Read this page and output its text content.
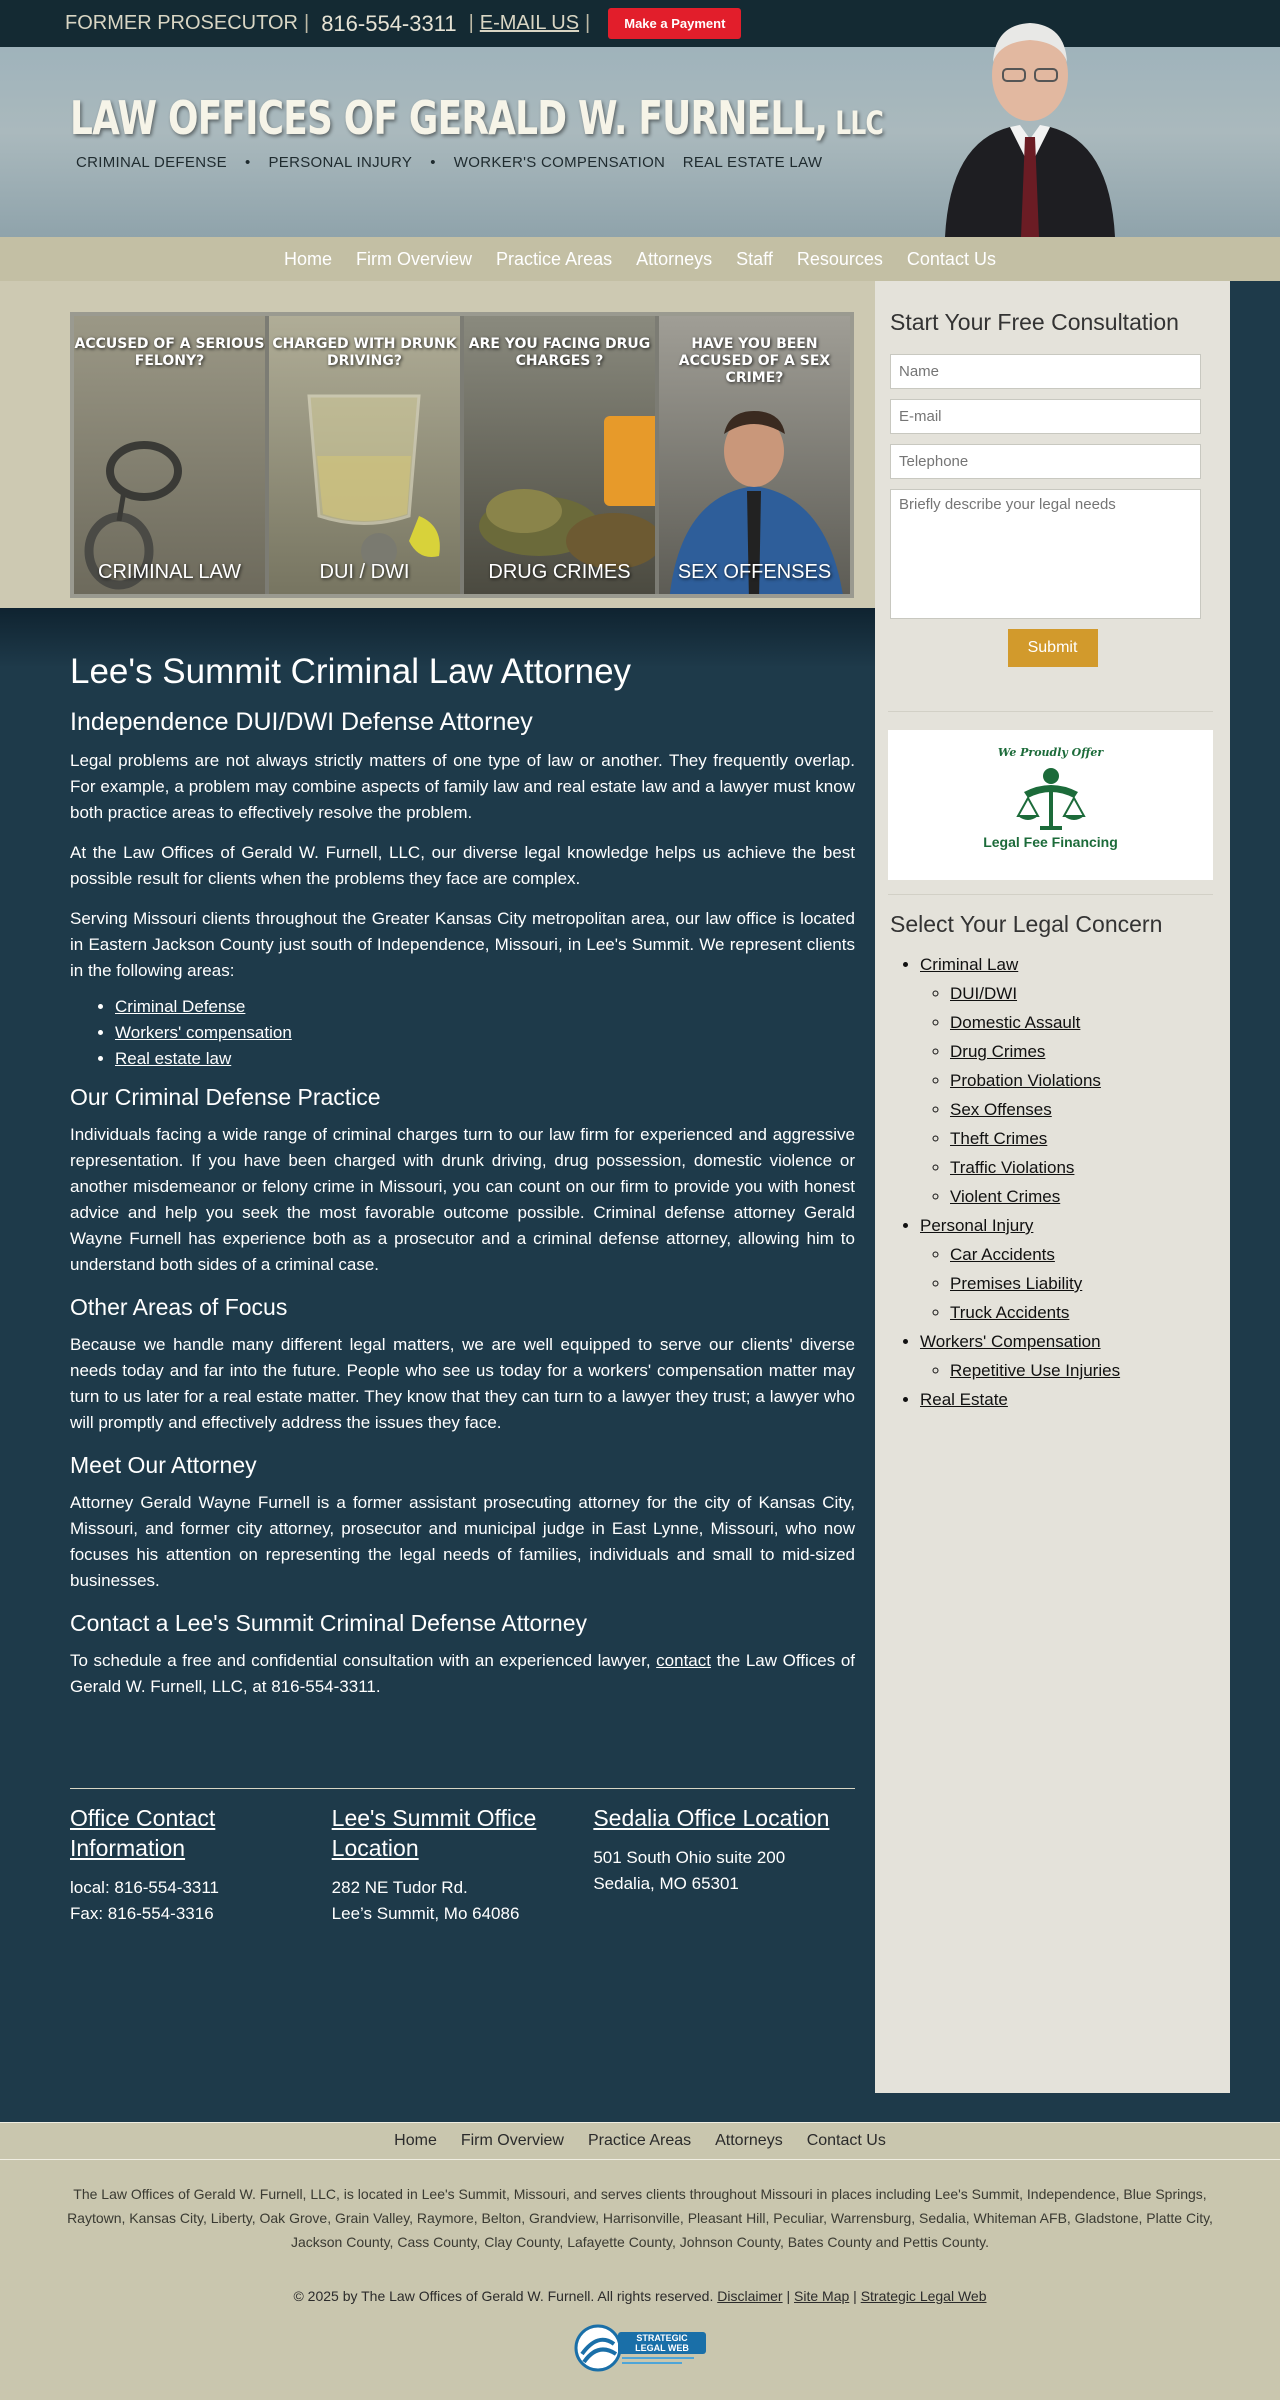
FORMER PROSECUTOR | 816-554-3311 | E-MAIL US |	Make a Payment
LAW OFFICES OF GERALD W. FURNELL, LLC
CRIMINAL DEFENSE • PERSONAL INJURY • WORKER'S COMPENSATION REAL ESTATE LAW
Home Firm Overview Practice Areas Attorneys Staff Resources Contact Us
ACCUSED OF A SERIOUS FELONY?
CRIMINAL LAW
CHARGED WITH DRUNK DRIVING?
DUI / DWI
ARE YOU FACING DRUG CHARGES ?
DRUG CRIMES
HAVE YOU BEEN ACCUSED OF A SEX CRIME?
SEX OFFENSES
Lee's Summit Criminal Law Attorney
Independence DUI/DWI Defense Attorney

Legal problems are not always strictly matters of one type of law or another. They frequently overlap. For example, a problem may combine aspects of family law and real estate law and a lawyer must know both practice areas to effectively resolve the problem.

At the Law Offices of Gerald W. Furnell, LLC, our diverse legal knowledge helps us achieve the best possible result for clients when the problems they face are complex.

Serving Missouri clients throughout the Greater Kansas City metropolitan area, our law office is located in Eastern Jackson County just south of Independence, Missouri, in Lee's Summit. We represent clients in the following areas:

• Criminal Defense
• Workers' compensation
• Real estate law
Our Criminal Defense Practice

Individuals facing a wide range of criminal charges turn to our law firm for experienced and aggressive representation. If you have been charged with drunk driving, drug possession, domestic violence or another misdemeanor or felony crime in Missouri, you can count on our firm to provide you with honest advice and help you seek the most favorable outcome possible. Criminal defense attorney Gerald Wayne Furnell has experience both as a prosecutor and a criminal defense attorney, allowing him to understand both sides of a criminal case.

Other Areas of Focus

Because we handle many different legal matters, we are well equipped to serve our clients' diverse needs today and far into the future. People who see us today for a workers' compensation matter may turn to us later for a real estate matter. They know that they can turn to a lawyer they trust; a lawyer who will promptly and effectively address the issues they face.

Meet Our Attorney

Attorney Gerald Wayne Furnell is a former assistant prosecuting attorney for the city of Kansas City, Missouri, and former city attorney, prosecutor and municipal judge in East Lynne, Missouri, who now focuses his attention on representing the legal needs of families, individuals and small to mid-sized businesses.

Contact a Lee's Summit Criminal Defense Attorney

To schedule a free and confidential consultation with an experienced lawyer, contact the Law Offices of Gerald W. Furnell, LLC, at 816-554-3311.

Office Contact Information
local: 816-554-3311
Fax: 816-554-3316
Lee's Summit Office Location
282 NE Tudor Rd.
Lee’s Summit, Mo 64086
Sedalia Office Location
501 South Ohio suite 200
Sedalia, MO 65301
Start Your Free Consultation
Name
E-mail
Telephone
Briefly describe your legal needs
Submit
We Proudly Offer
Legal Fee Financing
Select Your Legal Concern
• Criminal Law
◦ DUI/DWI
◦ Domestic Assault
◦ Drug Crimes
◦ Probation Violations
◦ Sex Offenses
◦ Theft Crimes
◦ Traffic Violations
◦ Violent Crimes
• Personal Injury
◦ Car Accidents
◦ Premises Liability
◦ Truck Accidents
• Workers' Compensation
◦ Repetitive Use Injuries
• Real Estate
Home Firm Overview Practice Areas Attorneys Contact Us
The Law Offices of Gerald W. Furnell, LLC, is located in Lee's Summit, Missouri, and serves clients throughout Missouri in places including Lee's Summit, Independence, Blue Springs, Raytown, Kansas City, Liberty, Oak Grove, Grain Valley, Raymore, Belton, Grandview, Harrisonville, Pleasant Hill, Peculiar, Warrensburg, Sedalia, Whiteman AFB, Gladstone, Platte City, Jackson County, Cass County, Clay County, Lafayette County, Johnson County, Bates County and Pettis County.
© 2025 by The Law Offices of Gerald W. Furnell. All rights reserved. Disclaimer | Site Map | Strategic Legal Web
STRATEGIC
LEGAL WEB
